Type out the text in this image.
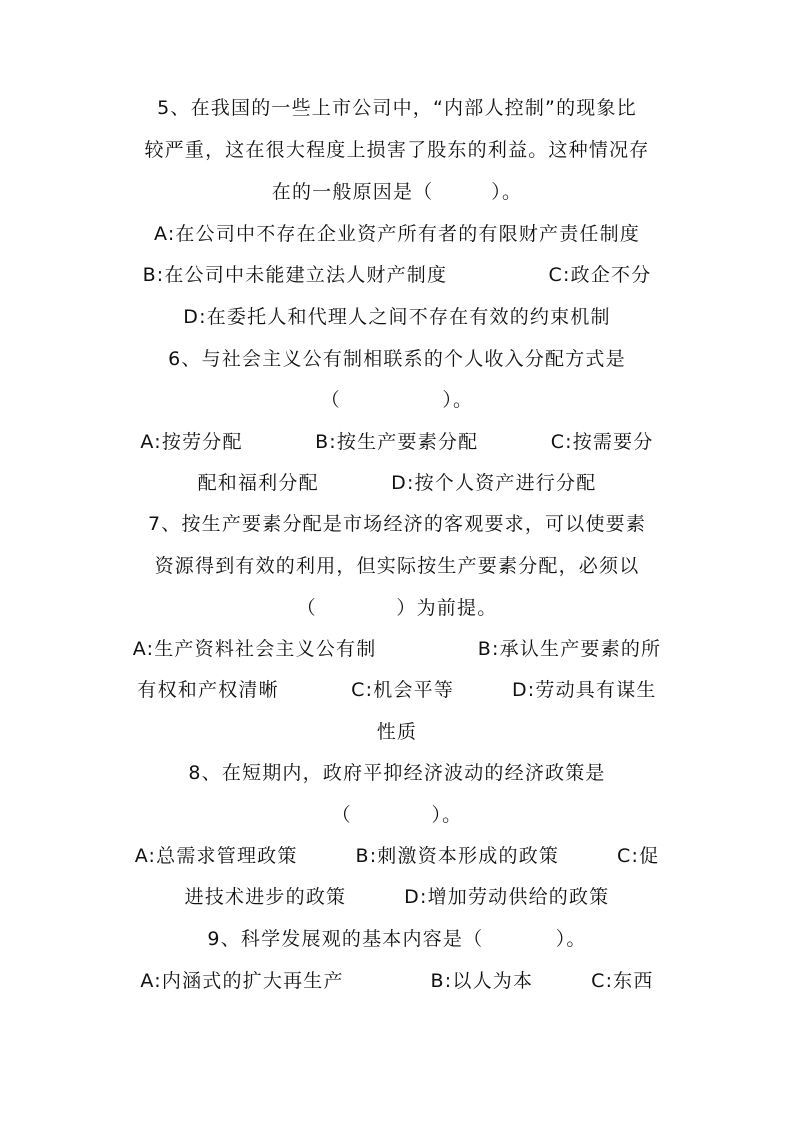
5、在我国的一些上市公司中，“内部人控制”的现象比
较严重，这在很大程度上损害了股东的利益。这种情况存
在的一般原因是（        ）。
A:在公司中不存在企业资产所有者的有限财产责任制度
B:在公司中未能建立法人财产制度              C:政企不分
D:在委托人和代理人之间不存在有效的约束机制
6、与社会主义公有制相联系的个人收入分配方式是
（              ）。
A:按劳分配          B:按生产要素分配          C:按需要分
配和福利分配          D:按个人资产进行分配
7、按生产要素分配是市场经济的客观要求，可以使要素
资源得到有效的利用，但实际按生产要素分配，必须以
（           ）为前提。
A:生产资料社会主义公有制              B:承认生产要素的所
有权和产权清晰          C:机会平等        D:劳动具有谋生
性质
8、在短期内，政府平抑经济波动的经济政策是
（           ）。
A:总需求管理政策        B:刺激资本形成的政策        C:促
进技术进步的政策        D:增加劳动供给的政策
9、科学发展观的基本内容是（          ）。
A:内涵式的扩大再生产            B:以人为本        C:东西
